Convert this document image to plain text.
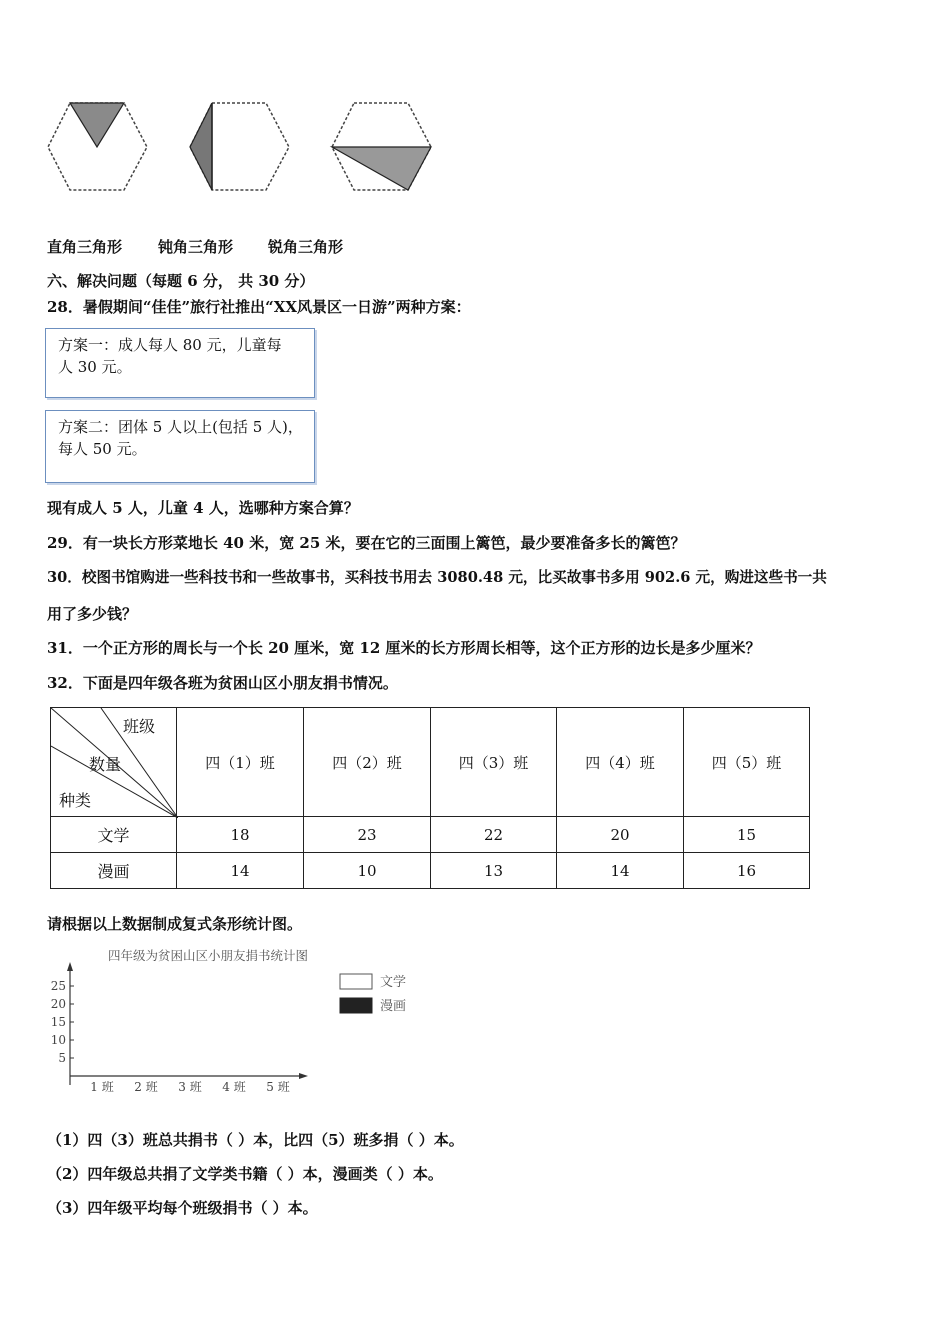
直角三角形 钝角三角形 锐角三角形
六、解决问题（每题 6 分， 共 30 分）
28．暑假期间“佳佳”旅行社推出“XX风景区一日游”两种方案：
方案一：成人每人 80 元，儿童每
人 30 元。
方案二：团体 5 人以上(包括 5 人)，
每人 50 元。
现有成人 5 人，儿童 4 人，选哪种方案合算？
29．有一块长方形菜地长 40 米，宽 25 米，要在它的三面围上篱笆，最少要准备多长的篱笆？
30．校图书馆购进一些科技书和一些故事书，买科技书用去 3080.48 元，比买故事书多用 902.6 元，购进这些书一共
用了多少钱？
31．一个正方形的周长与一个长 20 厘米，宽 12 厘米的长方形周长相等，这个正方形的边长是多少厘米？
32．下面是四年级各班为贫困山区小朋友捐书情况。
班级
数量
种类	四（1）班	四（2）班	四（3）班	四（4）班	四（5）班
文学	18	23	22	20	15
漫画	14	10	13	14	16
请根据以上数据制成复式条形统计图。
四年级为贫困山区小朋友捐书统计图
5
10
15
20
25
1 班 2 班 3 班 4 班 5 班
文学
漫画
（1）四（3）班总共捐书（ ）本，比四（5）班多捐（ ）本。
（2）四年级总共捐了文学类书籍（ ）本，漫画类（ ）本。
（3）四年级平均每个班级捐书（ ）本。
